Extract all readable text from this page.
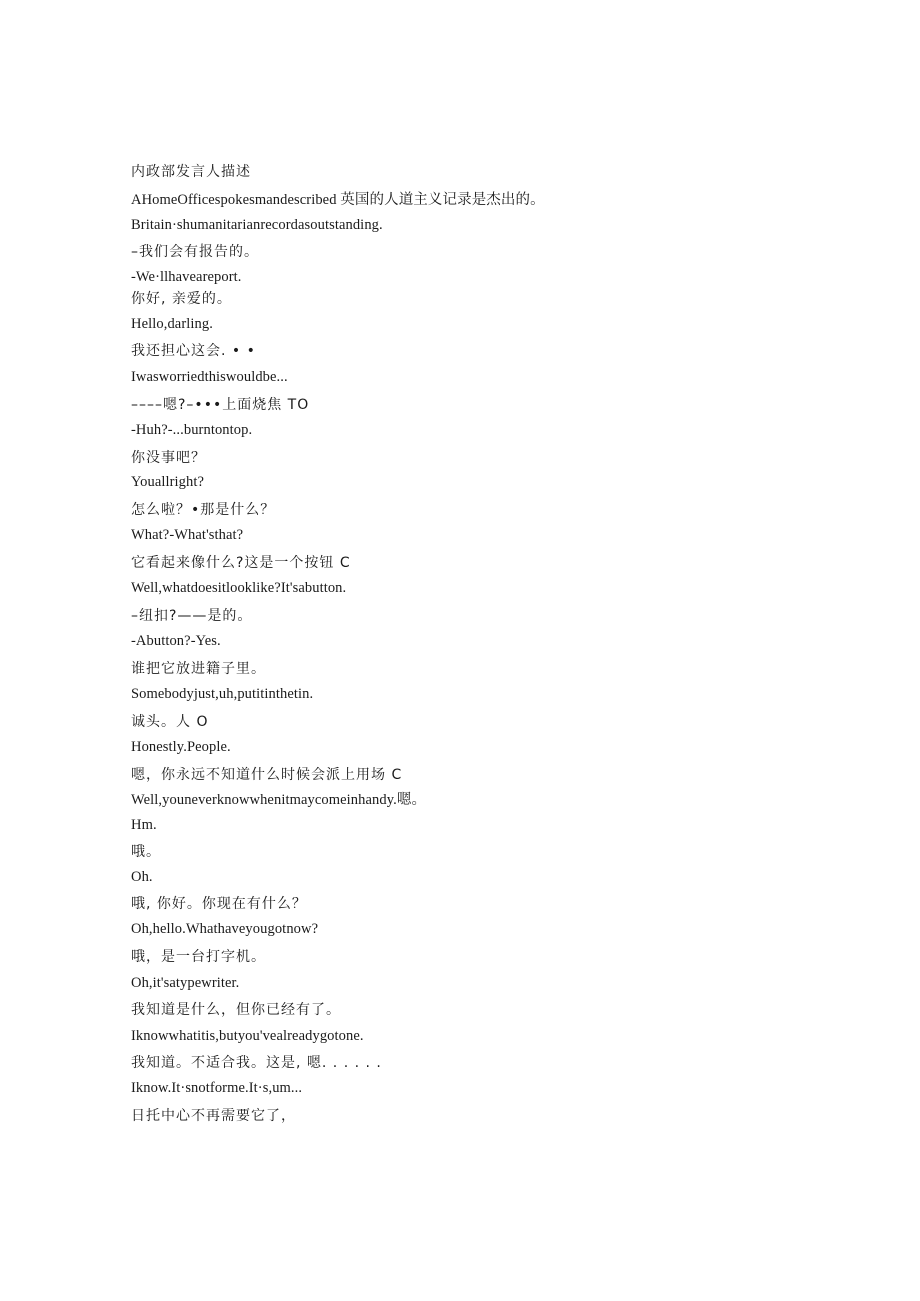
内政部发言人描述
AHomeOfficespokesmandescribed 英国的人道主义记录是杰出的。
Britain·shumanitarianrecordasoutstanding.
–我们会有报告的。
-We·llhaveareport.
你好, 亲爱的。
Hello,darling.
我还担心这会. • •
Iwasworriedthiswouldbe...
––––嗯?–•••上面烧焦 TO
-Huh?-...burntontop.
你没事吧？
Youallright?
怎么啦？•那是什么？
What?-What'sthat?
它看起来像什么?这是一个按钮 C
Well,whatdoesitlooklike?It'sabutton.
–纽扣?——是的。
-Abutton?-Yes.
谁把它放进籍子里。
Somebodyjust,uh,putitinthetin.
诚头。人 O
Honestly.People.
嗯，你永远不知道什么时候会派上用场 C
Well,youneverknowwhenitmaycomeinhandy.嗯。
Hm.
哦。
Oh.
哦, 你好。你现在有什么？
Oh,hello.Whathaveyougotnow?
哦，是一台打字机。
Oh,it'satypewriter.
我知道是什么，但你已经有了。
Iknowwhatitis,butyou'vealreadygotone.
我知道。不适合我。这是, 嗯. . . . . .
Iknow.It·snotforme.It·s,um...
日托中心不再需要它了，
